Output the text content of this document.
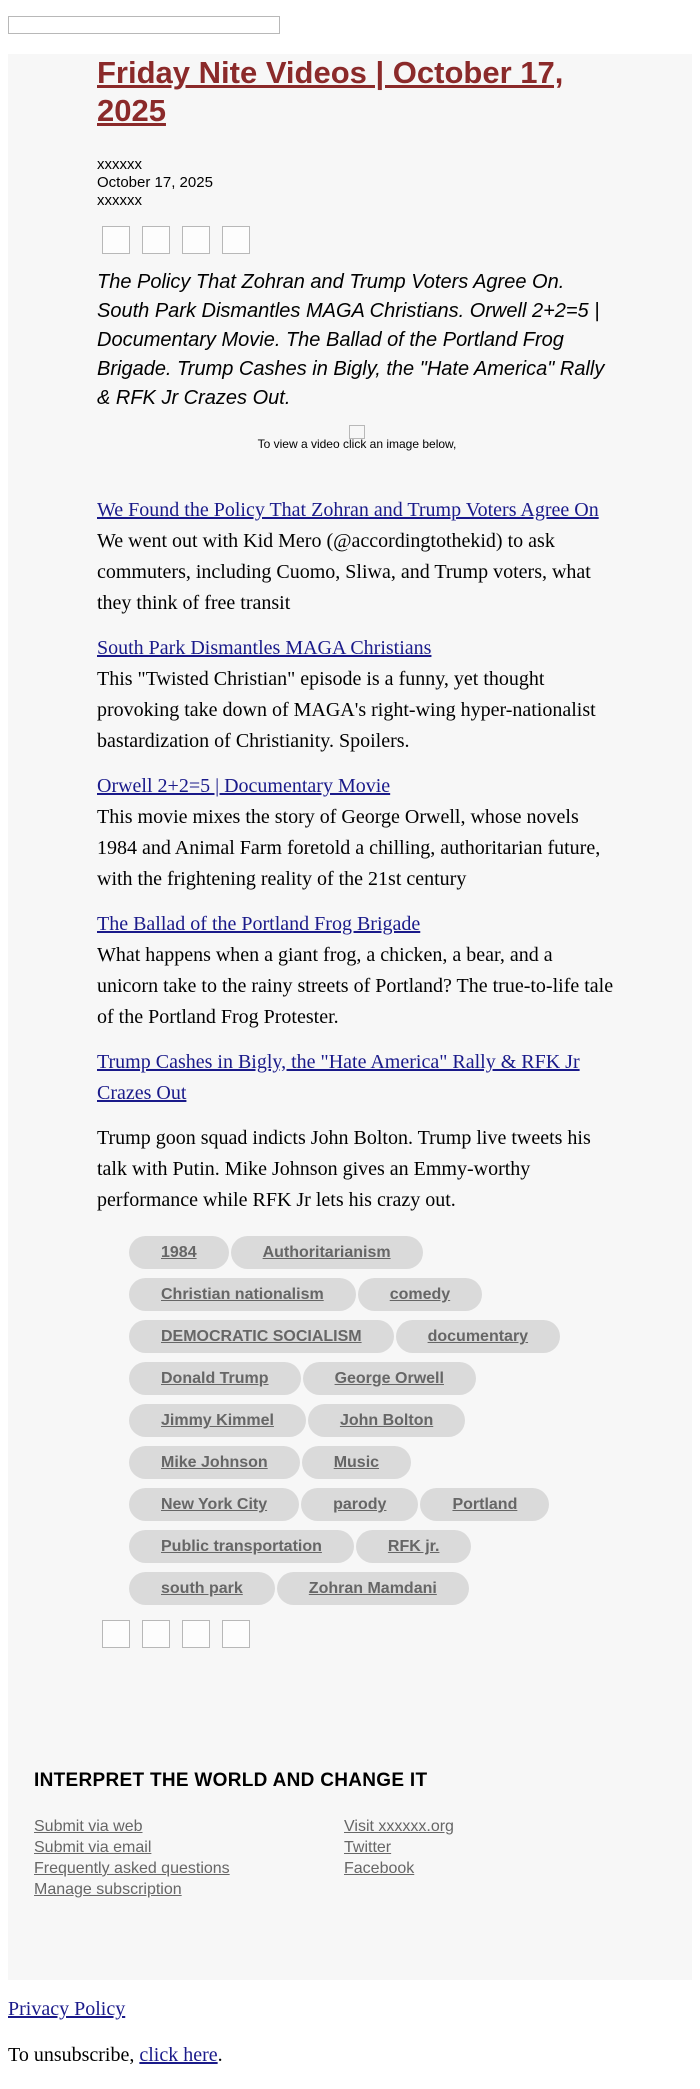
Friday Nite Videos | October 17, 2025
xxxxxx
October 17, 2025
xxxxxx
The Policy That Zohran and Trump Voters Agree On. South Park Dismantles MAGA Christians. Orwell 2+2=5 | Documentary Movie. The Ballad of the Portland Frog Brigade. Trump Cashes in Bigly, the "Hate America" Rally & RFK Jr Crazes Out.
To view a video click an image below,
We Found the Policy That Zohran and Trump Voters Agree On
We went out with Kid Mero (@accordingtothekid) to ask commuters, including Cuomo, Sliwa, and Trump voters, what they think of free transit
South Park Dismantles MAGA Christians
This "Twisted Christian" episode is a funny, yet thought provoking take down of MAGA's right-wing hyper-nationalist bastardization of Christianity. Spoilers.
Orwell 2+2=5 | Documentary Movie
This movie mixes the story of George Orwell, whose novels 1984 and Animal Farm foretold a chilling, authoritarian future, with the frightening reality of the 21st century
The Ballad of the Portland Frog Brigade
What happens when a giant frog, a chicken, a bear, and a unicorn take to the rainy streets of Portland? The true-to-life tale of the Portland Frog Protester.
Trump Cashes in Bigly, the "Hate America" Rally & RFK Jr Crazes Out
Trump goon squad indicts John Bolton. Trump live tweets his talk with Putin. Mike Johnson gives an Emmy-worthy performance while RFK Jr lets his crazy out.
1984	Authoritarianism
Christian nationalism	comedy
DEMOCRATIC SOCIALISM	documentary
Donald Trump	George Orwell
Jimmy Kimmel	John Bolton
Mike Johnson	Music
New York City	parody	Portland
Public transportation	RFK jr.
south park	Zohran Mamdani
INTERPRET THE WORLD AND CHANGE IT
Submit via web
Submit via email
Frequently asked questions
Manage subscription
Visit xxxxxx.org
Twitter
Facebook
Privacy Policy
To unsubscribe, click here.
